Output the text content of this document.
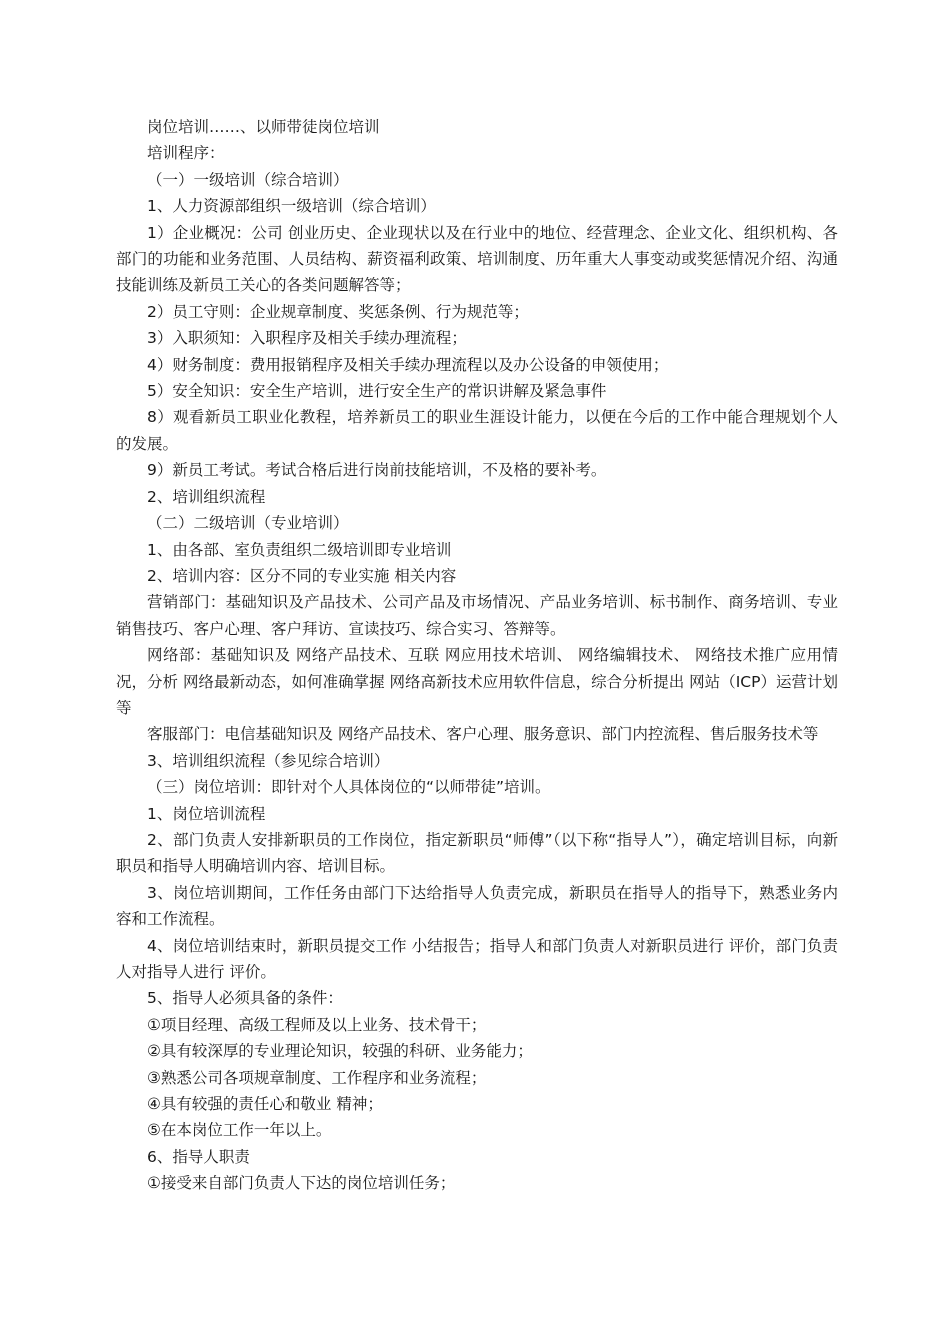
岗位培训……、以师带徒岗位培训

培训程序：

（一）一级培训（综合培训）

1、人力资源部组织一级培训（综合培训）

1）企业概况：公司 创业历史、企业现状以及在行业中的地位、经营理念、企业文化、组织机构、各部门的功能和业务范围、人员结构、薪资福利政策、培训制度、历年重大人事变动或奖惩情况介绍、沟通技能训练及新员工关心的各类问题解答等；

2）员工守则：企业规章制度、奖惩条例、行为规范等；

3）入职须知：入职程序及相关手续办理流程；

4）财务制度：费用报销程序及相关手续办理流程以及办公设备的申领使用；

5）安全知识：安全生产培训，进行安全生产的常识讲解及紧急事件

8）观看新员工职业化教程，培养新员工的职业生涯设计能力，以便在今后的工作中能合理规划个人的发展。

9）新员工考试。考试合格后进行岗前技能培训，不及格的要补考。

2、培训组织流程

（二）二级培训（专业培训）

1、由各部、室负责组织二级培训即专业培训

2、培训内容：区分不同的专业实施 相关内容

营销部门：基础知识及产品技术、公司产品及市场情况、产品业务培训、标书制作、商务培训、专业销售技巧、客户心理、客户拜访、宣读技巧、综合实习、答辩等。

网络部：基础知识及 网络产品技术、互联 网应用技术培训、 网络编辑技术、 网络技术推广应用情况，分析 网络最新动态，如何准确掌握 网络高新技术应用软件信息，综合分析提出 网站（ICP）运营计划等

客服部门：电信基础知识及 网络产品技术、客户心理、服务意识、部门内控流程、售后服务技术等

3、培训组织流程（参见综合培训）

（三）岗位培训：即针对个人具体岗位的“以师带徒”培训。

1、岗位培训流程

2、部门负责人安排新职员的工作岗位，指定新职员“师傅”（以下称“指导人”），确定培训目标，向新职员和指导人明确培训内容、培训目标。

3、岗位培训期间，工作任务由部门下达给指导人负责完成，新职员在指导人的指导下，熟悉业务内容和工作流程。

4、岗位培训结束时，新职员提交工作 小结报告；指导人和部门负责人对新职员进行 评价，部门负责人对指导人进行 评价。

5、指导人必须具备的条件：

①项目经理、高级工程师及以上业务、技术骨干；

②具有较深厚的专业理论知识，较强的科研、业务能力；

③熟悉公司各项规章制度、工作程序和业务流程；

④具有较强的责任心和敬业 精神；

⑤在本岗位工作一年以上。

6、指导人职责

①接受来自部门负责人下达的岗位培训任务；
